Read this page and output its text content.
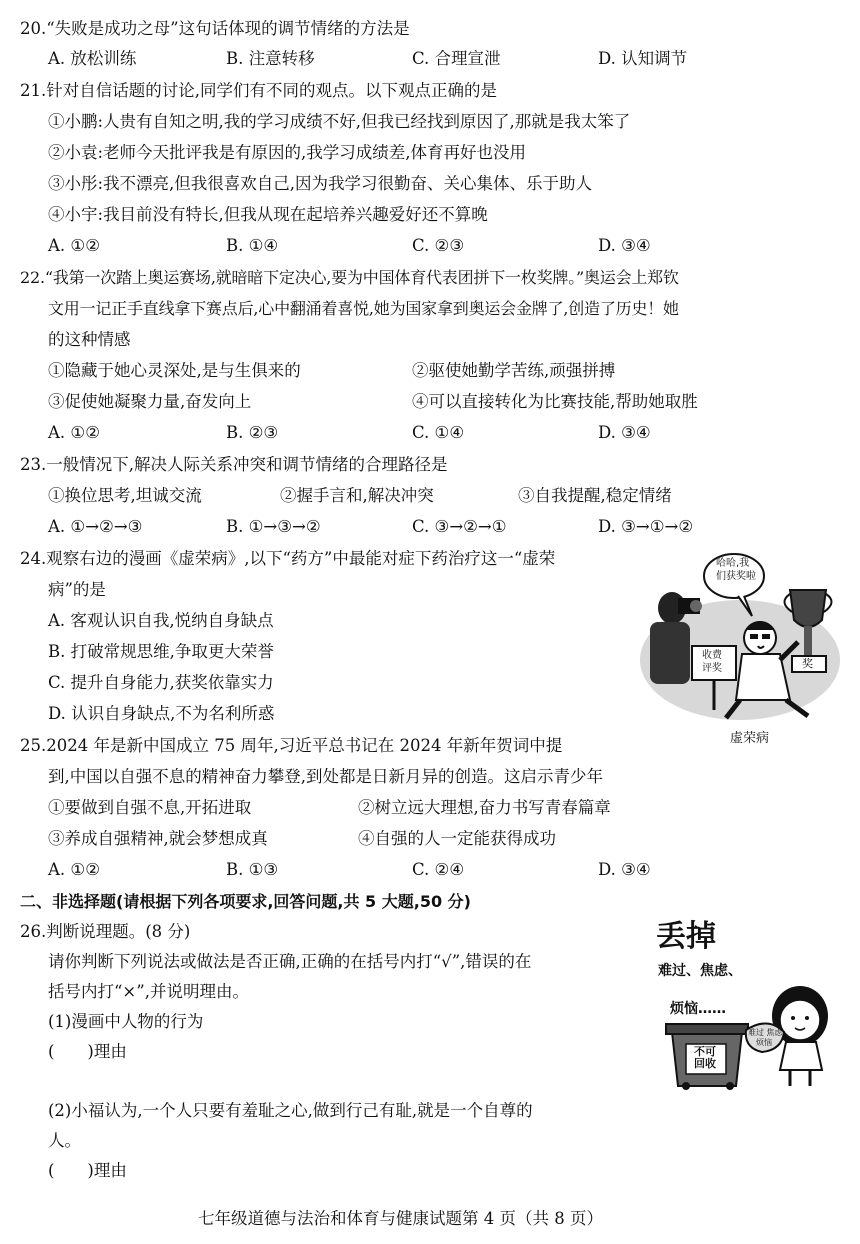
20.“失败是成功之母”这句话体现的调节情绪的方法是
A. 放松训练	B. 注意转移	C. 合理宣泄	D. 认知调节
21.针对自信话题的讨论,同学们有不同的观点。以下观点正确的是
①小鹏:人贵有自知之明,我的学习成绩不好,但我已经找到原因了,那就是我太笨了
②小袁:老师今天批评我是有原因的,我学习成绩差,体育再好也没用
③小彤:我不漂亮,但我很喜欢自己,因为我学习很勤奋、关心集体、乐于助人
④小宇:我目前没有特长,但我从现在起培养兴趣爱好还不算晚
A. ①②	B. ①④	C. ②③	D. ③④
22.“我第一次踏上奥运赛场,就暗暗下定决心,要为中国体育代表团拼下一枚奖牌。”奥运会上郑钦
文用一记正手直线拿下赛点后,心中翻涌着喜悦,她为国家拿到奥运会金牌了,创造了历史！她
的这种情感
①隐藏于她心灵深处,是与生俱来的	②驱使她勤学苦练,顽强拼搏
③促使她凝聚力量,奋发向上	④可以直接转化为比赛技能,帮助她取胜
A. ①②	B. ②③	C. ①④	D. ③④
23.一般情况下,解决人际关系冲突和调节情绪的合理路径是
①换位思考,坦诚交流	②握手言和,解决冲突	③自我提醒,稳定情绪
A. ①→②→③	B. ①→③→②	C. ③→②→①	D. ③→①→②
24.观察右边的漫画《虚荣病》,以下“药方”中最能对症下药治疗这一“虚荣
病”的是
A. 客观认识自我,悦纳自身缺点
B. 打破常规思维,争取更大荣誉
C. 提升自身能力,获奖依靠实力
D. 认识自身缺点,不为名利所惑
哈哈,我
们获奖啦
收费
评奖	奖
虚荣病
25.2024 年是新中国成立 75 周年,习近平总书记在 2024 年新年贺词中提
到,中国以自强不息的精神奋力攀登,到处都是日新月异的创造。这启示青少年
①要做到自强不息,开拓进取	②树立远大理想,奋力书写青春篇章
③养成自强精神,就会梦想成真	④自强的人一定能获得成功
A. ①②	B. ①③	C. ②④	D. ③④
二、非选择题(请根据下列各项要求,回答问题,共 5 大题,50 分)
26.判断说理题。(8 分)
请你判断下列说法或做法是否正确,正确的在括号内打“√”,错误的在
括号内打“×”,并说明理由。
(1)漫画中人物的行为
(　　)理由
(2)小福认为,一个人只要有羞耻之心,做到行己有耻,就是一个自尊的
人。
(　　)理由
丢掉
难过、焦虑、
烦恼……
不可
回收
难过 焦虑
烦恼
七年级道德与法治和体育与健康试题第 4 页（共 8 页）
